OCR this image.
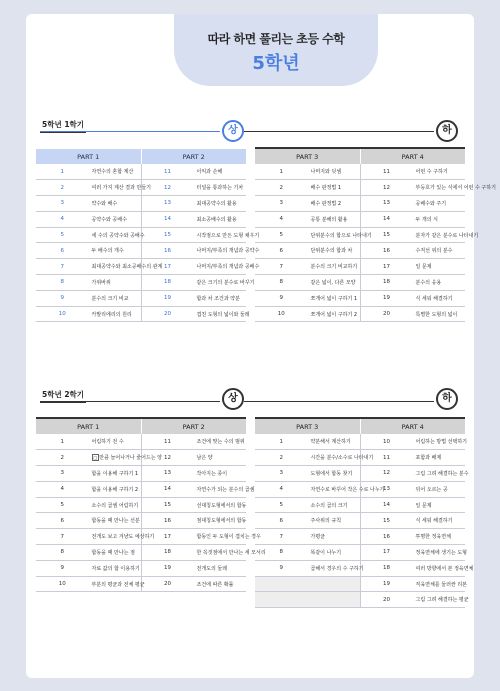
따라 하면 풀리는 초등 수학
5학년
5학년 1학기
상	하
PART 1		PART 2	
1	자연수의 혼합 계산	11	이익과 손해
2	여러 가지 계산 결과 만들기	12	터널을 통과하는 기차
3	약수와 배수	13	최대공약수의 활용
4	공약수와 공배수	14	최소공배수의 활용
5	세 수의 공약수와 공배수	15	시작점으로 만든 도형 채우기
6	두 배수의 개수	16	나머지/부족의 개념과 공약수
7	최대공약수와 최소공배수의 관계	17	나머지/부족의 개념과 공배수
8	가위바위	18	같은 크기의 분수로 바꾸기
9	분수의 크기 비교	19	합과 차 조건과 약분
10	카발리에리의 원리	20	겹친 도형의 넓이와 둘레
PART 3		PART 4	
1	나머지와 덧셈	11	어떤 수 구하기
2	배수 판정법 1	12	부등호가 있는 식에서 어떤 수 구하기
3	배수 판정법 2	13	공배수와 주기
4	공통 분해의 활용	14	두 개의 식
5	단위분수의 합으로 나타내기	15	분자가 같은 분수로 나타내기
6	단위분수의 합과 차	16	수직선 위의 분수
7	분수의 크기 비교하기	17	일 문제
8	같은 넓이, 다른 모양	18	분수의 응용
9	쪼개어 넓이 구하기 1	19	식 세워 해결하기
10	쪼개어 넓이 구하기 2	20	특별한 도형의 넓이
5학년 2학기	상	하
PART 1		PART 2	
1	어림하기 전 수	11	조건에 맞는 수의 범위
2	□ 만큼 늘어나거나 줄어드는 양	12	남은 양
3	합을 이용해 구하기 1	13	작아지는 종이
4	합을 이용해 구하기 2	14	자연수가 되는 분수의 곱셈
5	소수의 곱셈 어림하기	15	선대칭도형에서의 합동
6	합동을 때 만나는 선분	16	점대칭도형에서의 합동
7	전개도 보고 겨냥도 예상하기	17	합동인 두 도형이 겹치는 경우
8	합동을 때 만나는 점	18	한 꼭짓점에서 만나는 세 모서리
9	자료 값의 합 이용하기	19	전개도의 둘레
10	부분의 평균과 전체 평균	20	조건에 따른 확률
PART 3		PART 4	
1	약분해서 계산하기	10	어림하는 방법 선택하기
2	시간을 분수/소수로 나타내기	11	포함과 배제
3	도형에서 합동 찾기	12	그림 그려 해결하는 분수
4	자연수로 바꾸어 작은 수로 나누기	13	뒤어 오르는 공
5	소수의 곱의 크기	14	일 문제
6	주사위의 규칙	15	식 세워 해결하기
7	가평균	16	투명한 정육면체
8	똑같이 나누기	17	정육면체에 생기는 도형
9	곱해서 경우의 수 구하기	18	여러 방향에서 본 정육면체
		19	직육면체를 둘러싼 리본
		20	그림 그려 해결하는 평균
